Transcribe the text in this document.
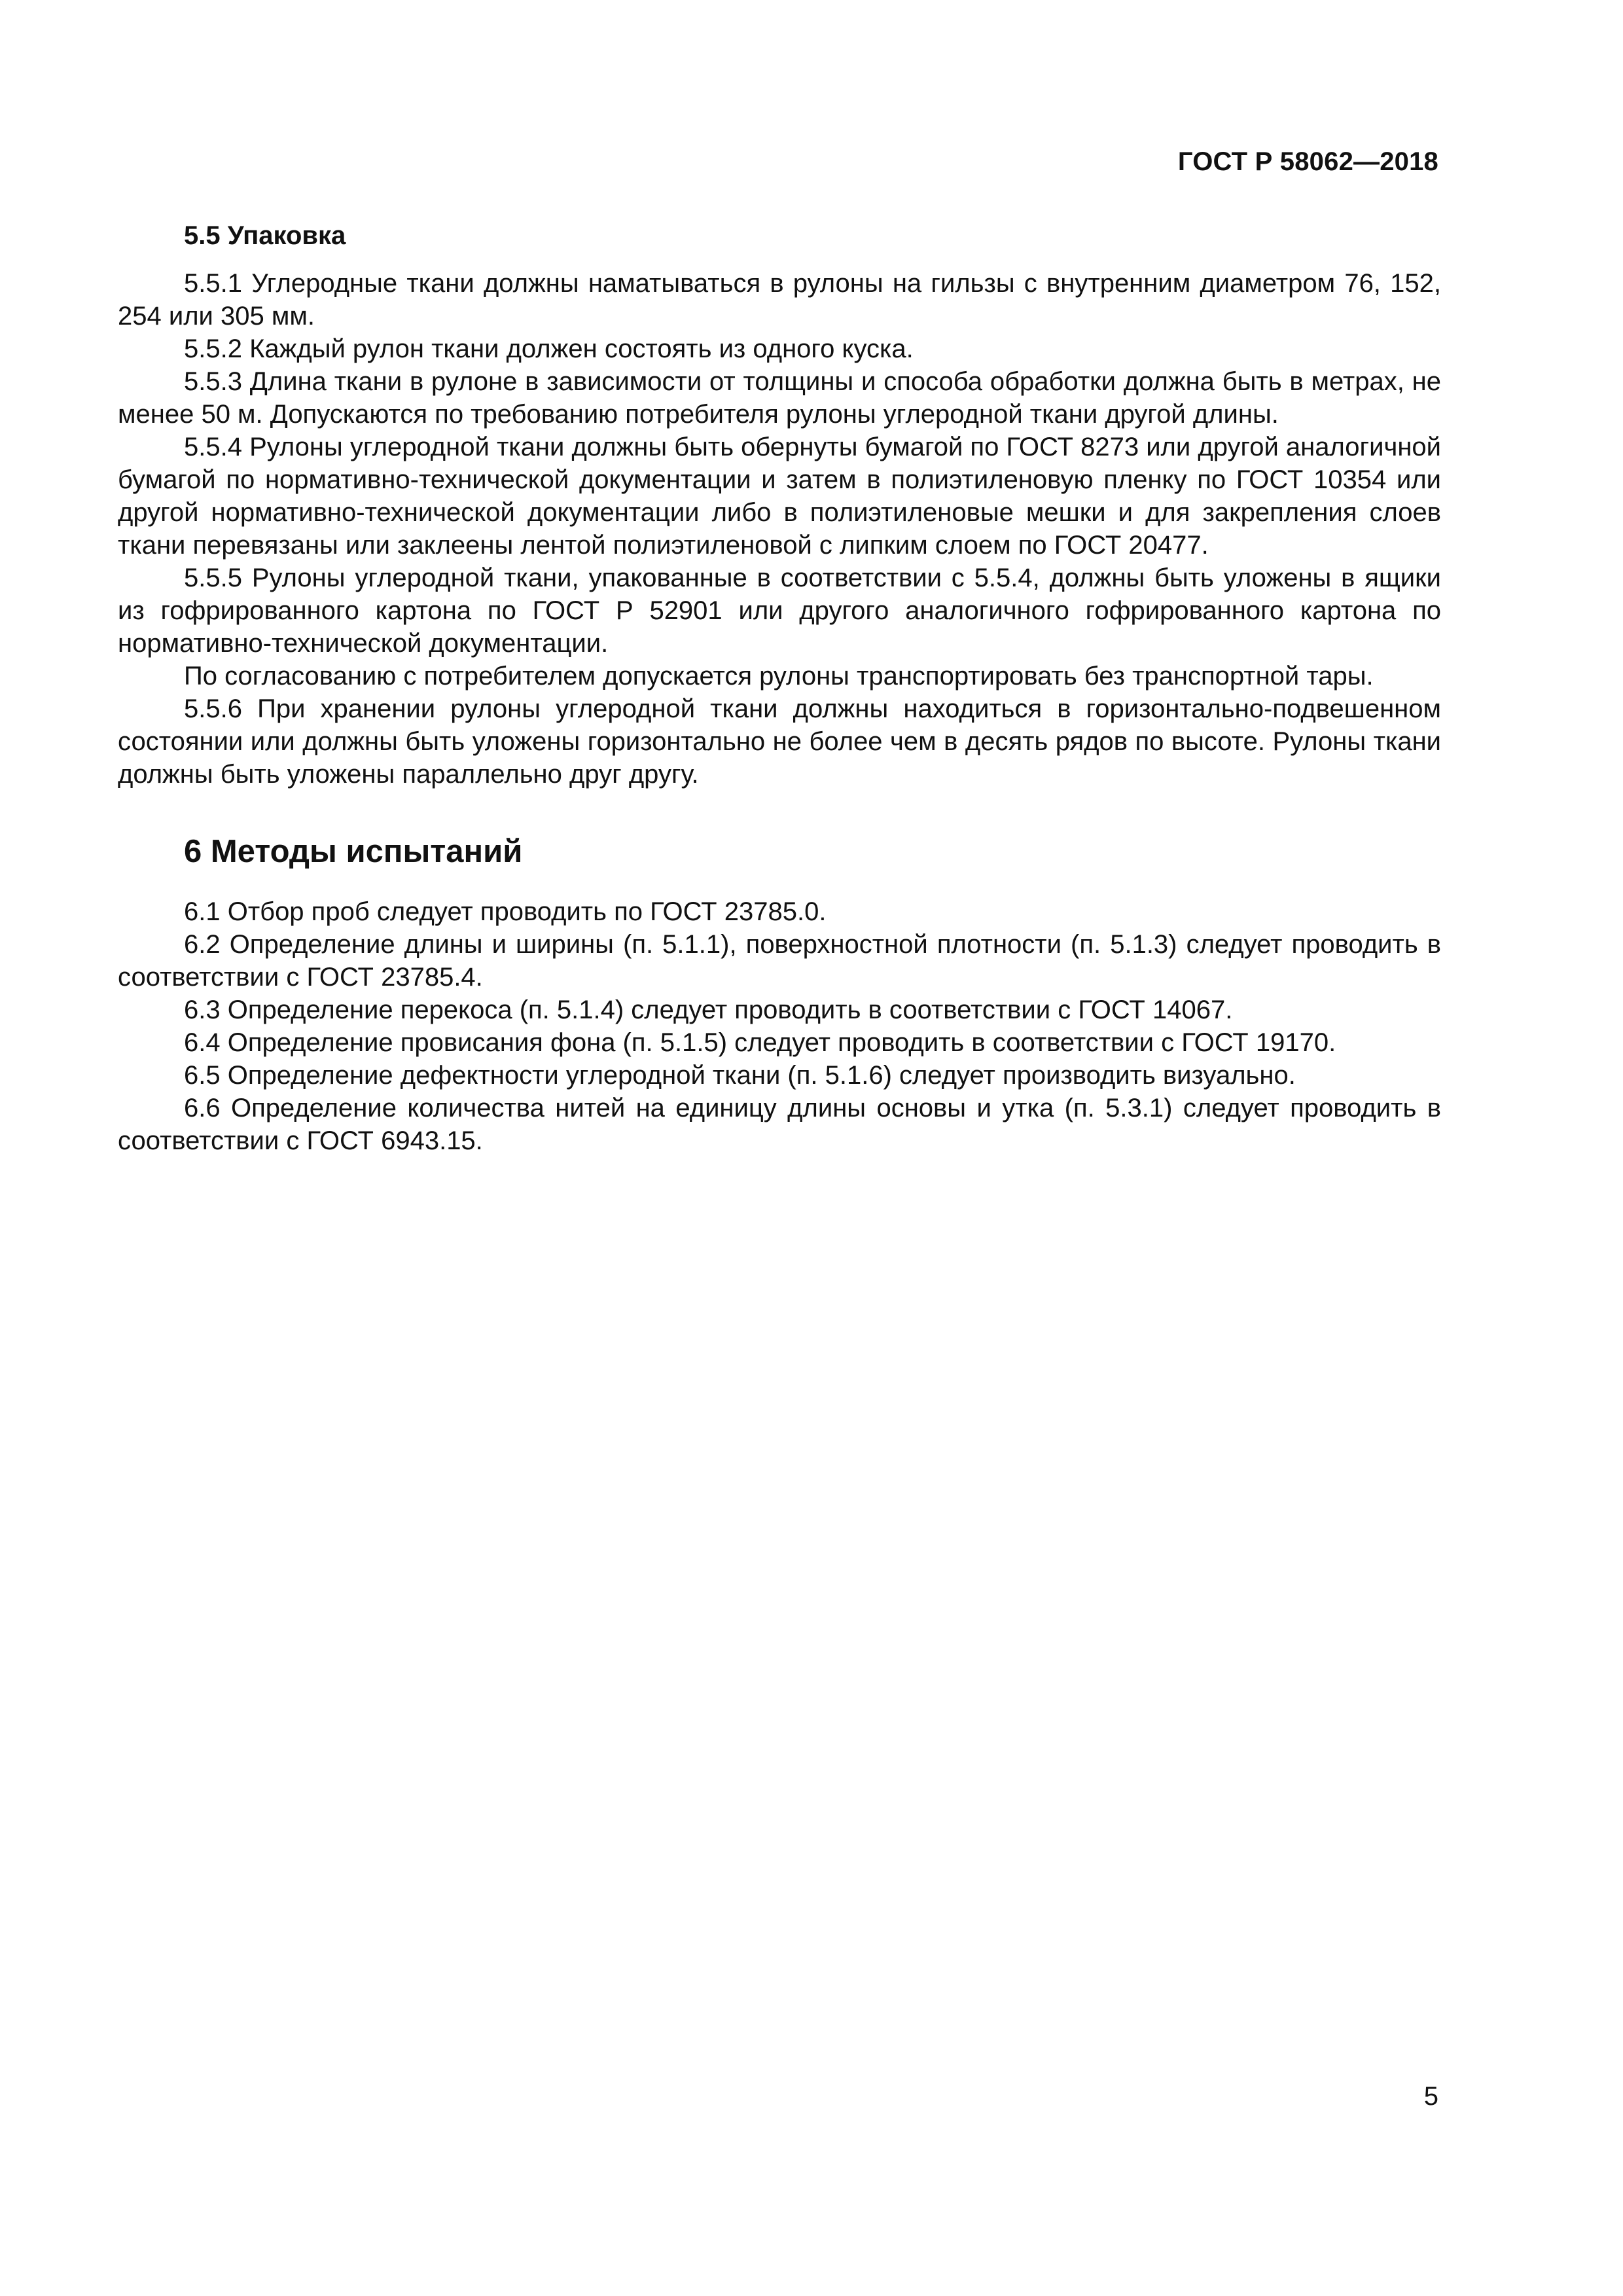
ГОСТ Р 58062—2018
5.5 Упаковка

5.5.1 Углеродные ткани должны наматываться в рулоны на гильзы с внутренним диаметром 76, 152, 254 или 305 мм.

5.5.2 Каждый рулон ткани должен состоять из одного куска.

5.5.3 Длина ткани в рулоне в зависимости от толщины и способа обработки должна быть в метрах, не менее 50 м. Допускаются по требованию потребителя рулоны углеродной ткани другой длины.

5.5.4 Рулоны углеродной ткани должны быть обернуты бумагой по ГОСТ 8273 или другой аналогичной бумагой по нормативно-технической документации и затем в полиэтиленовую пленку по ГОСТ 10354 или другой нормативно-технической документации либо в полиэтиленовые мешки и для закрепления слоев ткани перевязаны или заклеены лентой полиэтиленовой с липким слоем по ГОСТ 20477.

5.5.5 Рулоны углеродной ткани, упакованные в соответствии с 5.5.4, должны быть уложены в ящики из гофрированного картона по ГОСТ Р 52901 или другого аналогичного гофрированного картона по нормативно-технической документации.

По согласованию с потребителем допускается рулоны транспортировать без транспортной тары.

5.5.6 При хранении рулоны углеродной ткани должны находиться в горизонтально-подвешенном состоянии или должны быть уложены горизонтально не более чем в десять рядов по высоте. Рулоны ткани должны быть уложены параллельно друг другу.

6 Методы испытаний

6.1 Отбор проб следует проводить по ГОСТ 23785.0.

6.2 Определение длины и ширины (п. 5.1.1), поверхностной плотности (п. 5.1.3) следует проводить в соответствии с ГОСТ 23785.4.

6.3 Определение перекоса (п. 5.1.4) следует проводить в соответствии с ГОСТ 14067.

6.4 Определение провисания фона (п. 5.1.5) следует проводить в соответствии с ГОСТ 19170.

6.5 Определение дефектности углеродной ткани (п. 5.1.6) следует производить визуально.

6.6 Определение количества нитей на единицу длины основы и утка (п. 5.3.1) следует проводить в соответствии с ГОСТ 6943.15.

5
